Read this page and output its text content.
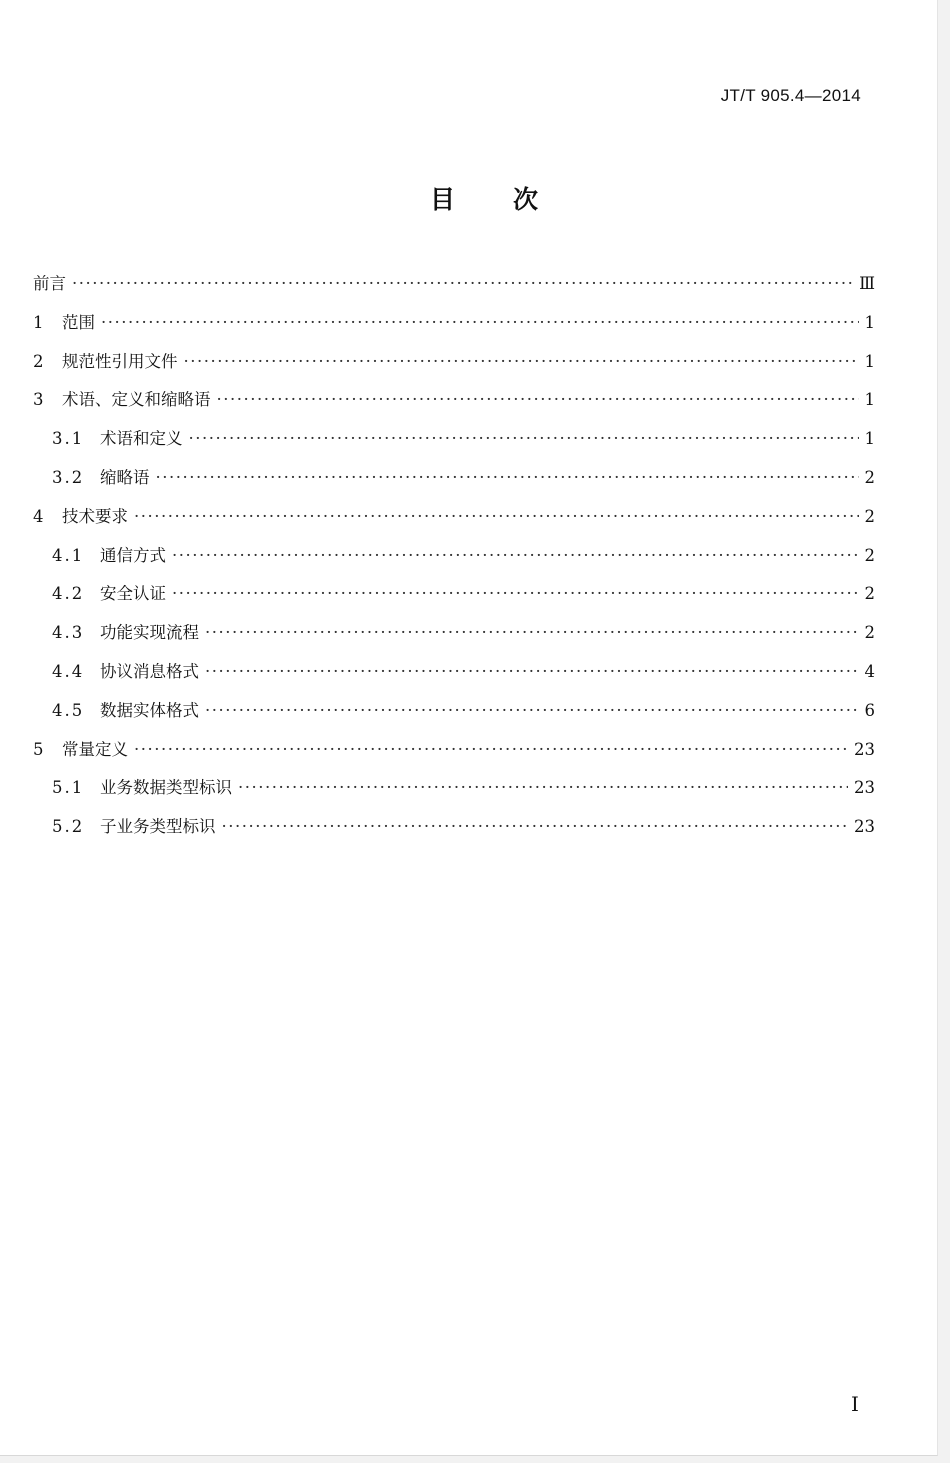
JT/T 905.4—2014
目次
前言 ·····	Ⅲ
1	范围 ·····	1
2	规范性引用文件 ·····	1
3	术语、定义和缩略语 ·····	1
3.1 术语和定义 ·····	1
3.2 缩略语 ·····	2
4	技术要求 ·····	2
4.1 通信方式 ·····	2
4.2 安全认证 ·····	2
4.3 功能实现流程 ·····	2
4.4 协议消息格式 ·····	4
4.5 数据实体格式 ·····	6
5	常量定义 ·····	23
5.1 业务数据类型标识 ·····	23
5.2 子业务类型标识 ·····	23
I
